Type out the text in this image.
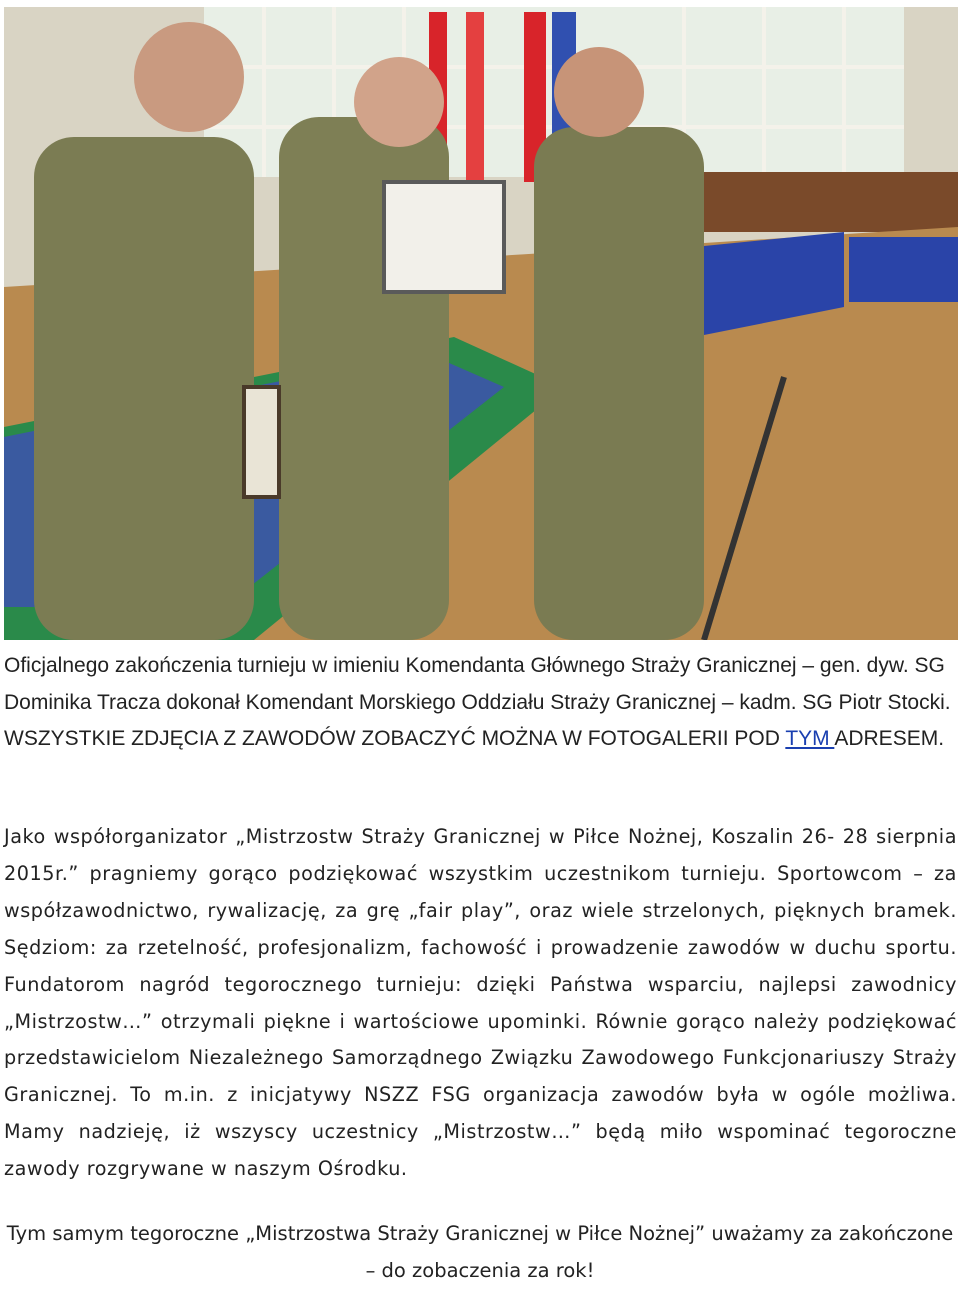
Oficjalnego zakończenia turnieju w imieniu Komendanta Głównego Straży Granicznej – gen. dyw. SG Dominika Tracza dokonał Komendant Morskiego Oddziału Straży Granicznej – kadm. SG Piotr Stocki. WSZYSTKIE ZDJĘCIA Z ZAWODÓW ZOBACZYĆ MOŻNA W FOTOGALERII POD TYM ADRESEM.

Jako współorganizator „Mistrzostw Straży Granicznej w Piłce Nożnej, Koszalin 26- 28 sierpnia 2015r.” pragniemy gorąco podziękować wszystkim uczestnikom turnieju. Sportowcom – za współzawodnictwo, rywalizację, za grę „fair play”, oraz wiele strzelonych, pięknych bramek. Sędziom: za rzetelność, profesjonalizm, fachowość i prowadzenie zawodów w duchu sportu. Fundatorom nagród tegorocznego turnieju: dzięki Państwa wsparciu, najlepsi zawodnicy „Mistrzostw…” otrzymali piękne i wartościowe upominki. Równie gorąco należy podziękować przedstawicielom Niezależnego Samorządnego Związku Zawodowego Funkcjonariuszy Straży Granicznej. To m.in. z inicjatywy NSZZ FSG organizacja zawodów była w ogóle możliwa. Mamy nadzieję, iż wszyscy uczestnicy „Mistrzostw…” będą miło wspominać tegoroczne zawody rozgrywane w naszym Ośrodku.

Tym samym tegoroczne „Mistrzostwa Straży Granicznej w Piłce Nożnej” uważamy za zakończone – do zobaczenia za rok!
